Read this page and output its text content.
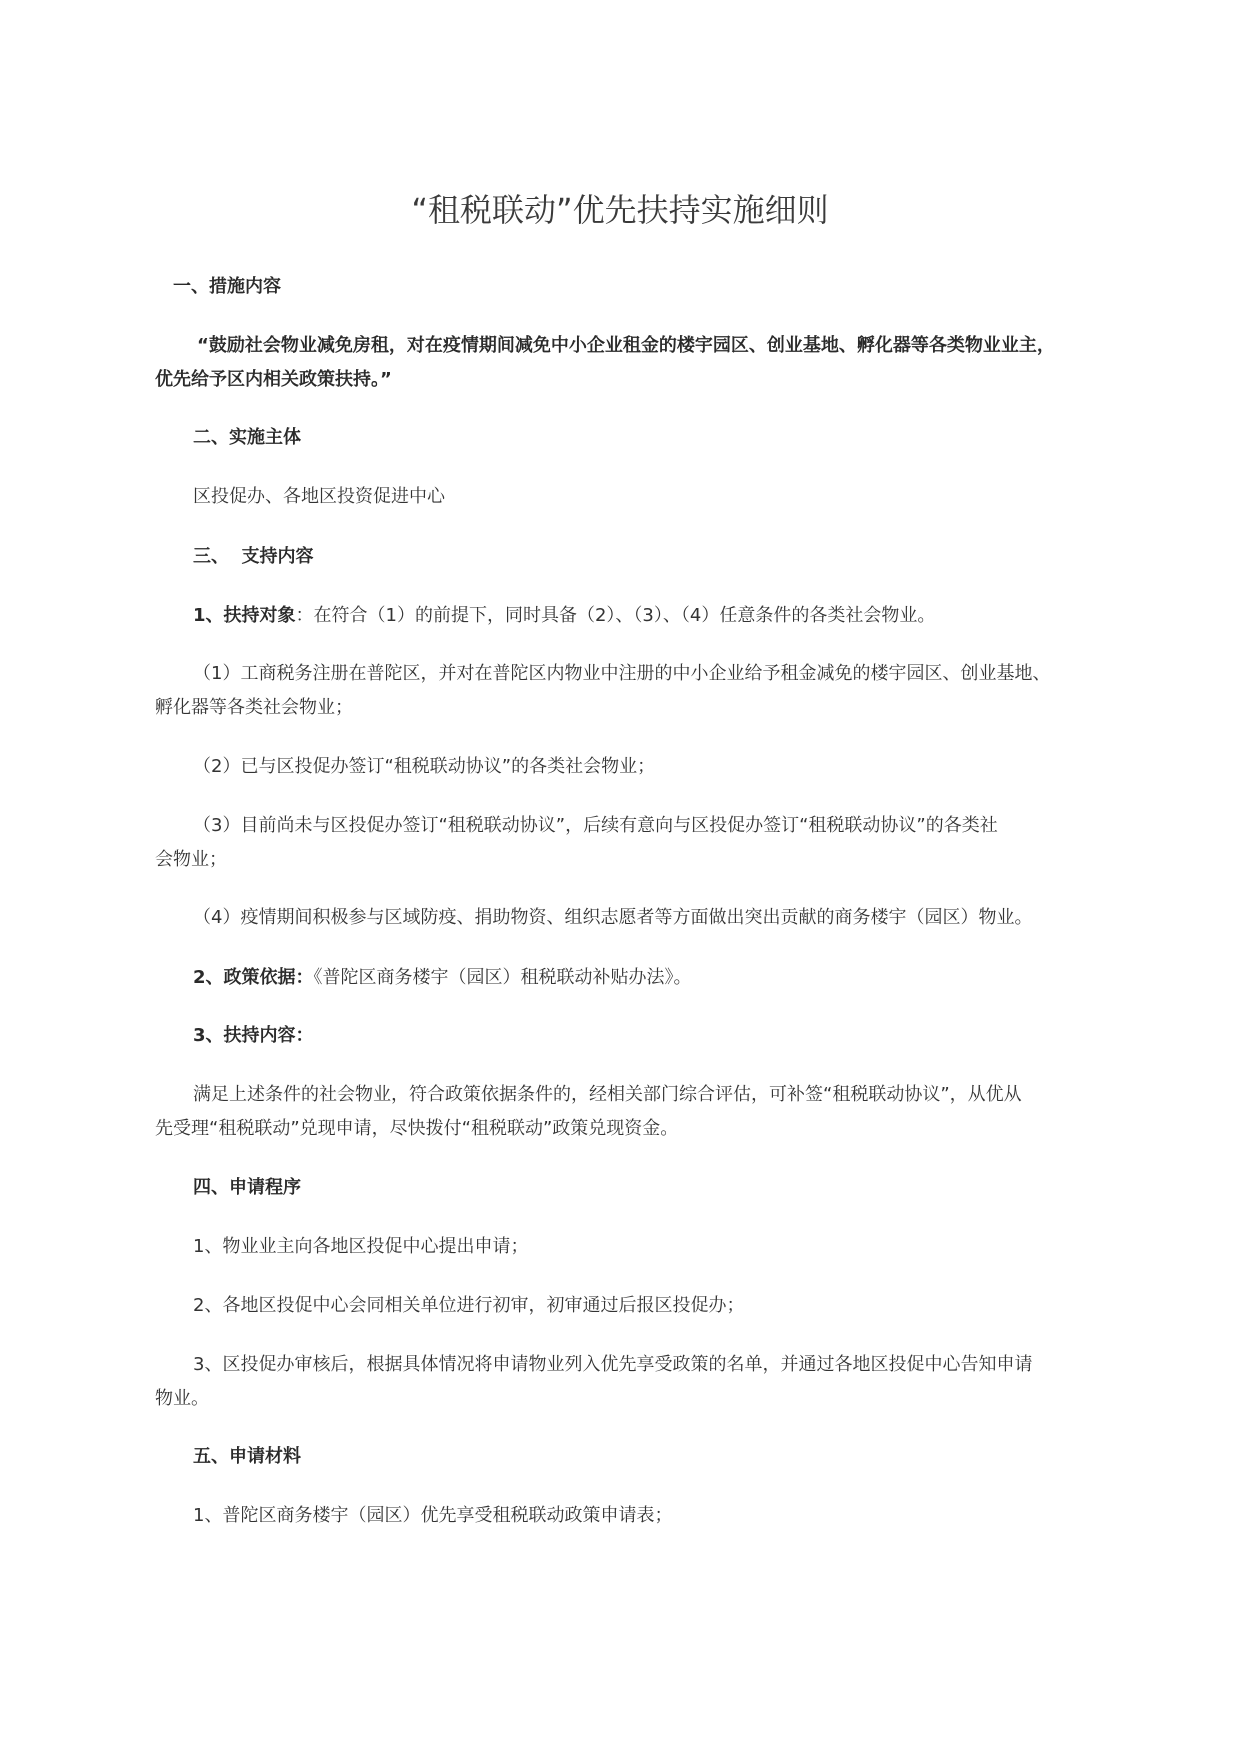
“租税联动”优先扶持实施细则
一、措施内容
“鼓励社会物业减免房租，对在疫情期间减免中小企业租金的楼宇园区、创业基地、孵化器等各类物业业主，
优先给予区内相关政策扶持。”
二、实施主体
区投促办、各地区投资促进中心
三、  支持内容
1、扶持对象：在符合（1）的前提下，同时具备（2）、（3）、（4）任意条件的各类社会物业。
（1）工商税务注册在普陀区，并对在普陀区内物业中注册的中小企业给予租金减免的楼宇园区、创业基地、
孵化器等各类社会物业；
（2）已与区投促办签订“租税联动协议”的各类社会物业；
（3）目前尚未与区投促办签订“租税联动协议”，后续有意向与区投促办签订“租税联动协议”的各类社
会物业；
（4）疫情期间积极参与区域防疫、捐助物资、组织志愿者等方面做出突出贡献的商务楼宇（园区）物业。
2、政策依据：《普陀区商务楼宇（园区）租税联动补贴办法》。
3、扶持内容：
满足上述条件的社会物业，符合政策依据条件的，经相关部门综合评估，可补签“租税联动协议”，从优从
先受理“租税联动”兑现申请，尽快拨付“租税联动”政策兑现资金。
四、申请程序
1、物业业主向各地区投促中心提出申请；
2、各地区投促中心会同相关单位进行初审，初审通过后报区投促办；
3、区投促办审核后，根据具体情况将申请物业列入优先享受政策的名单，并通过各地区投促中心告知申请
物业。
五、申请材料
1、普陀区商务楼宇（园区）优先享受租税联动政策申请表；
